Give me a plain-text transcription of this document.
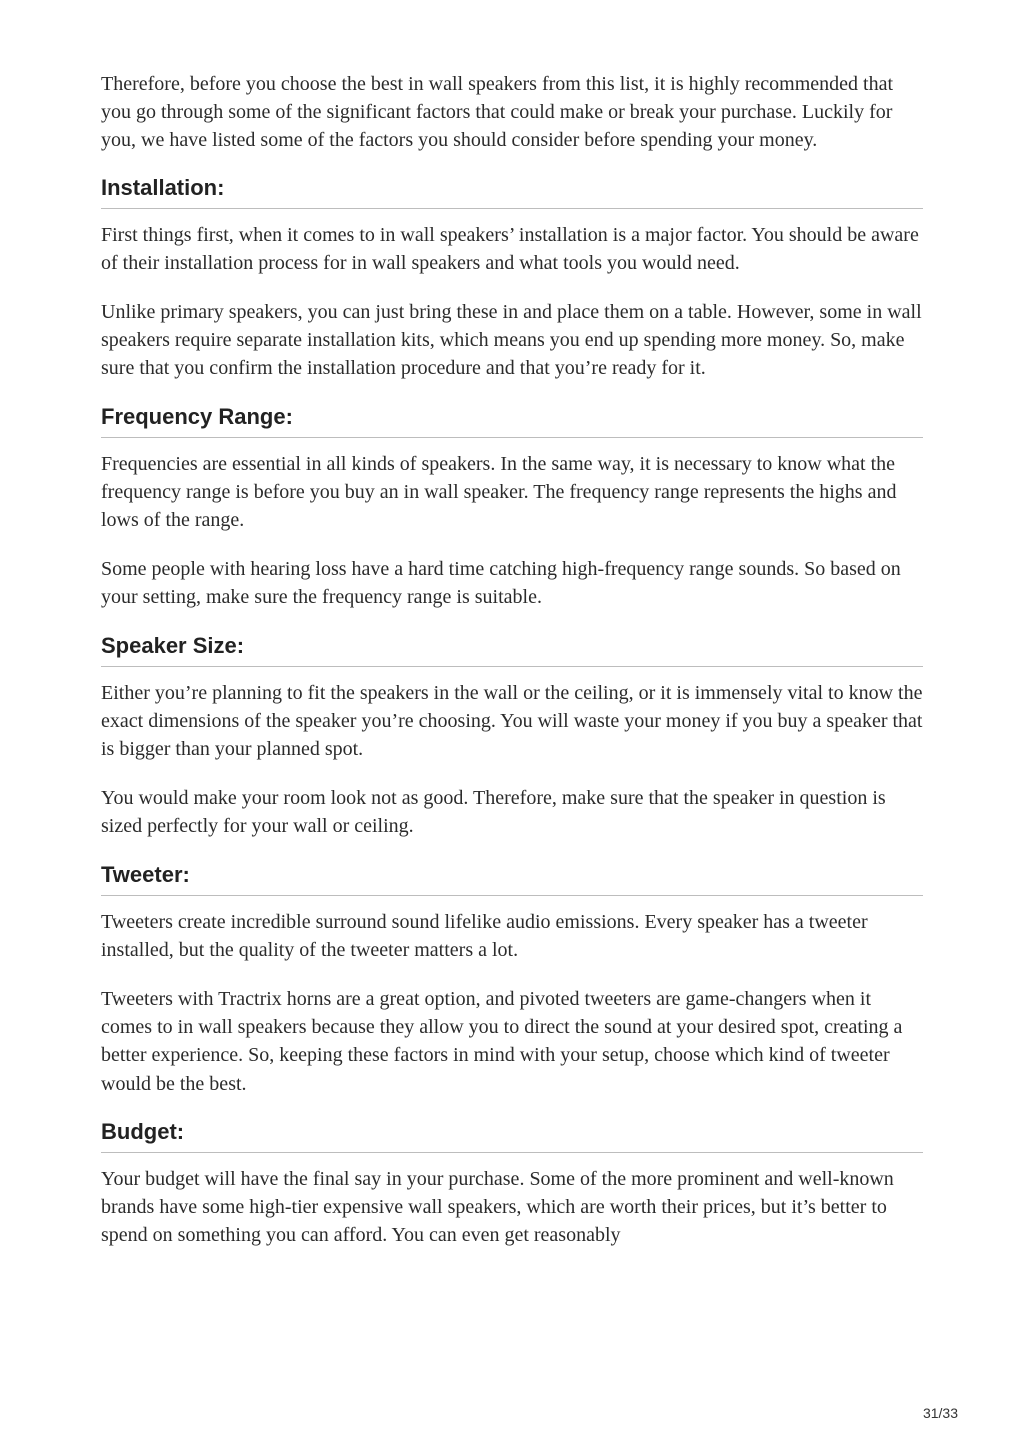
Therefore, before you choose the best in wall speakers from this list, it is highly recommended that you go through some of the significant factors that could make or break your purchase. Luckily for you, we have listed some of the factors you should consider before spending your money.

Installation:

First things first, when it comes to in wall speakers’ installation is a major factor. You should be aware of their installation process for in wall speakers and what tools you would need.

Unlike primary speakers, you can just bring these in and place them on a table. However, some in wall speakers require separate installation kits, which means you end up spending more money. So, make sure that you confirm the installation procedure and that you’re ready for it.

Frequency Range:

Frequencies are essential in all kinds of speakers. In the same way, it is necessary to know what the frequency range is before you buy an in wall speaker. The frequency range represents the highs and lows of the range.

Some people with hearing loss have a hard time catching high-frequency range sounds. So based on your setting, make sure the frequency range is suitable.

Speaker Size:

Either you’re planning to fit the speakers in the wall or the ceiling, or it is immensely vital to know the exact dimensions of the speaker you’re choosing. You will waste your money if you buy a speaker that is bigger than your planned spot.

You would make your room look not as good. Therefore, make sure that the speaker in question is sized perfectly for your wall or ceiling.

Tweeter:

Tweeters create incredible surround sound lifelike audio emissions. Every speaker has a tweeter installed, but the quality of the tweeter matters a lot.

Tweeters with Tractrix horns are a great option, and pivoted tweeters are game-changers when it comes to in wall speakers because they allow you to direct the sound at your desired spot, creating a better experience. So, keeping these factors in mind with your setup, choose which kind of tweeter would be the best.

Budget:

Your budget will have the final say in your purchase. Some of the more prominent and well-known brands have some high-tier expensive wall speakers, which are worth their prices, but it’s better to spend on something you can afford. You can even get reasonably

31/33
